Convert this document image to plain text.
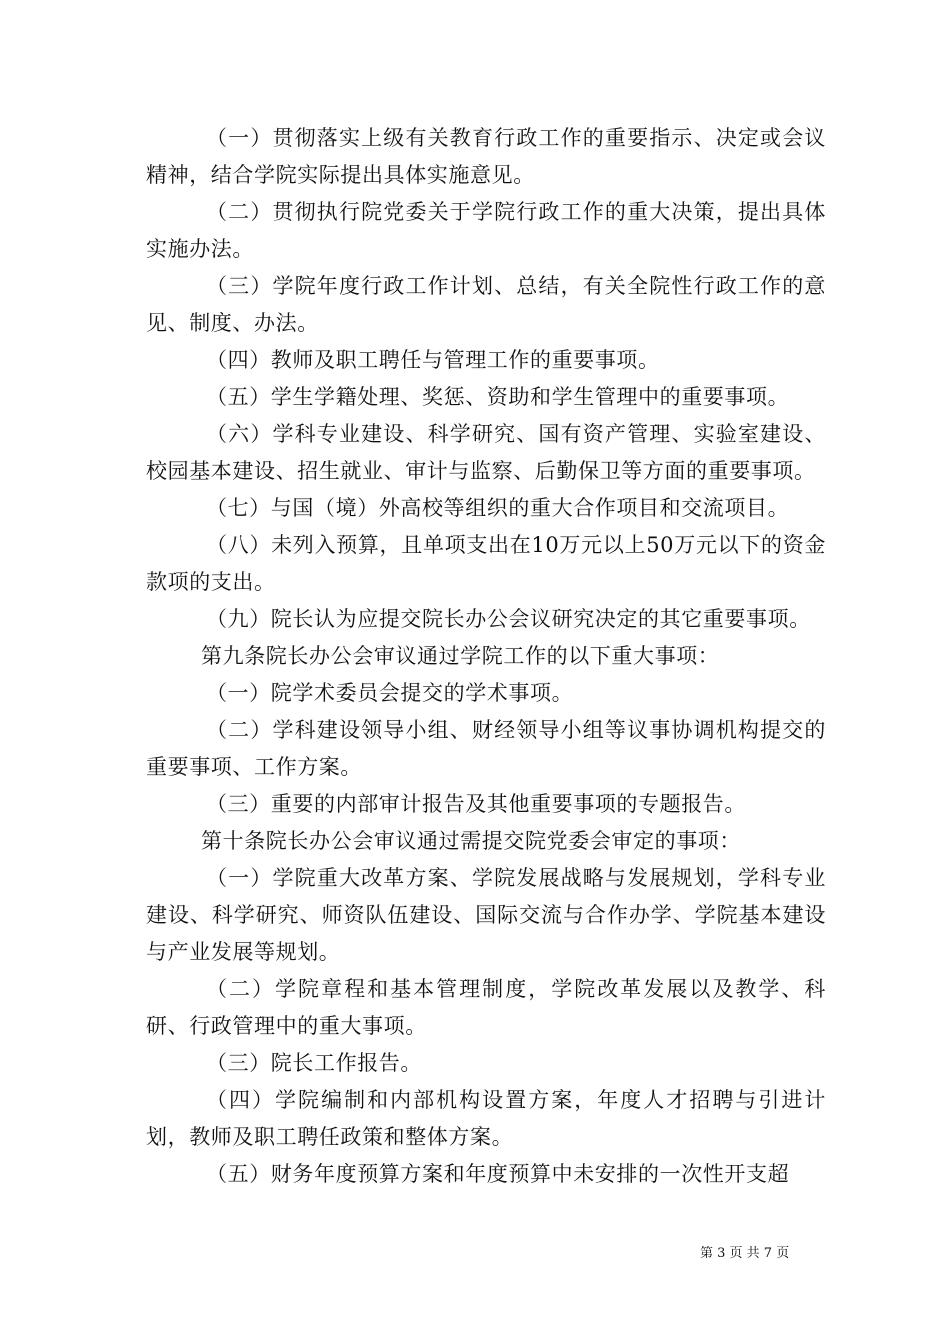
（一）贯彻落实上级有关教育行政工作的重要指示、决定或会议精神，结合学院实际提出具体实施意见。

（二）贯彻执行院党委关于学院行政工作的重大决策，提出具体实施办法。

（三）学院年度行政工作计划、总结，有关全院性行政工作的意见、制度、办法。

（四）教师及职工聘任与管理工作的重要事项。

（五）学生学籍处理、奖惩、资助和学生管理中的重要事项。

（六）学科专业建设、科学研究、国有资产管理、实验室建设、校园基本建设、招生就业、审计与监察、后勤保卫等方面的重要事项。

（七）与国（境）外高校等组织的重大合作项目和交流项目。

（八）未列入预算，且单项支出在10万元以上50万元以下的资金款项的支出。

（九）院长认为应提交院长办公会议研究决定的其它重要事项。

第九条院长办公会审议通过学院工作的以下重大事项：

（一）院学术委员会提交的学术事项。

（二）学科建设领导小组、财经领导小组等议事协调机构提交的重要事项、工作方案。

（三）重要的内部审计报告及其他重要事项的专题报告。

第十条院长办公会审议通过需提交院党委会审定的事项：

（一）学院重大改革方案、学院发展战略与发展规划，学科专业建设、科学研究、师资队伍建设、国际交流与合作办学、学院基本建设与产业发展等规划。

（二）学院章程和基本管理制度，学院改革发展以及教学、科研、行政管理中的重大事项。

（三）院长工作报告。

（四）学院编制和内部机构设置方案，年度人才招聘与引进计划，教师及职工聘任政策和整体方案。

（五）财务年度预算方案和年度预算中未安排的一次性开支超

第 3 页 共 7 页
